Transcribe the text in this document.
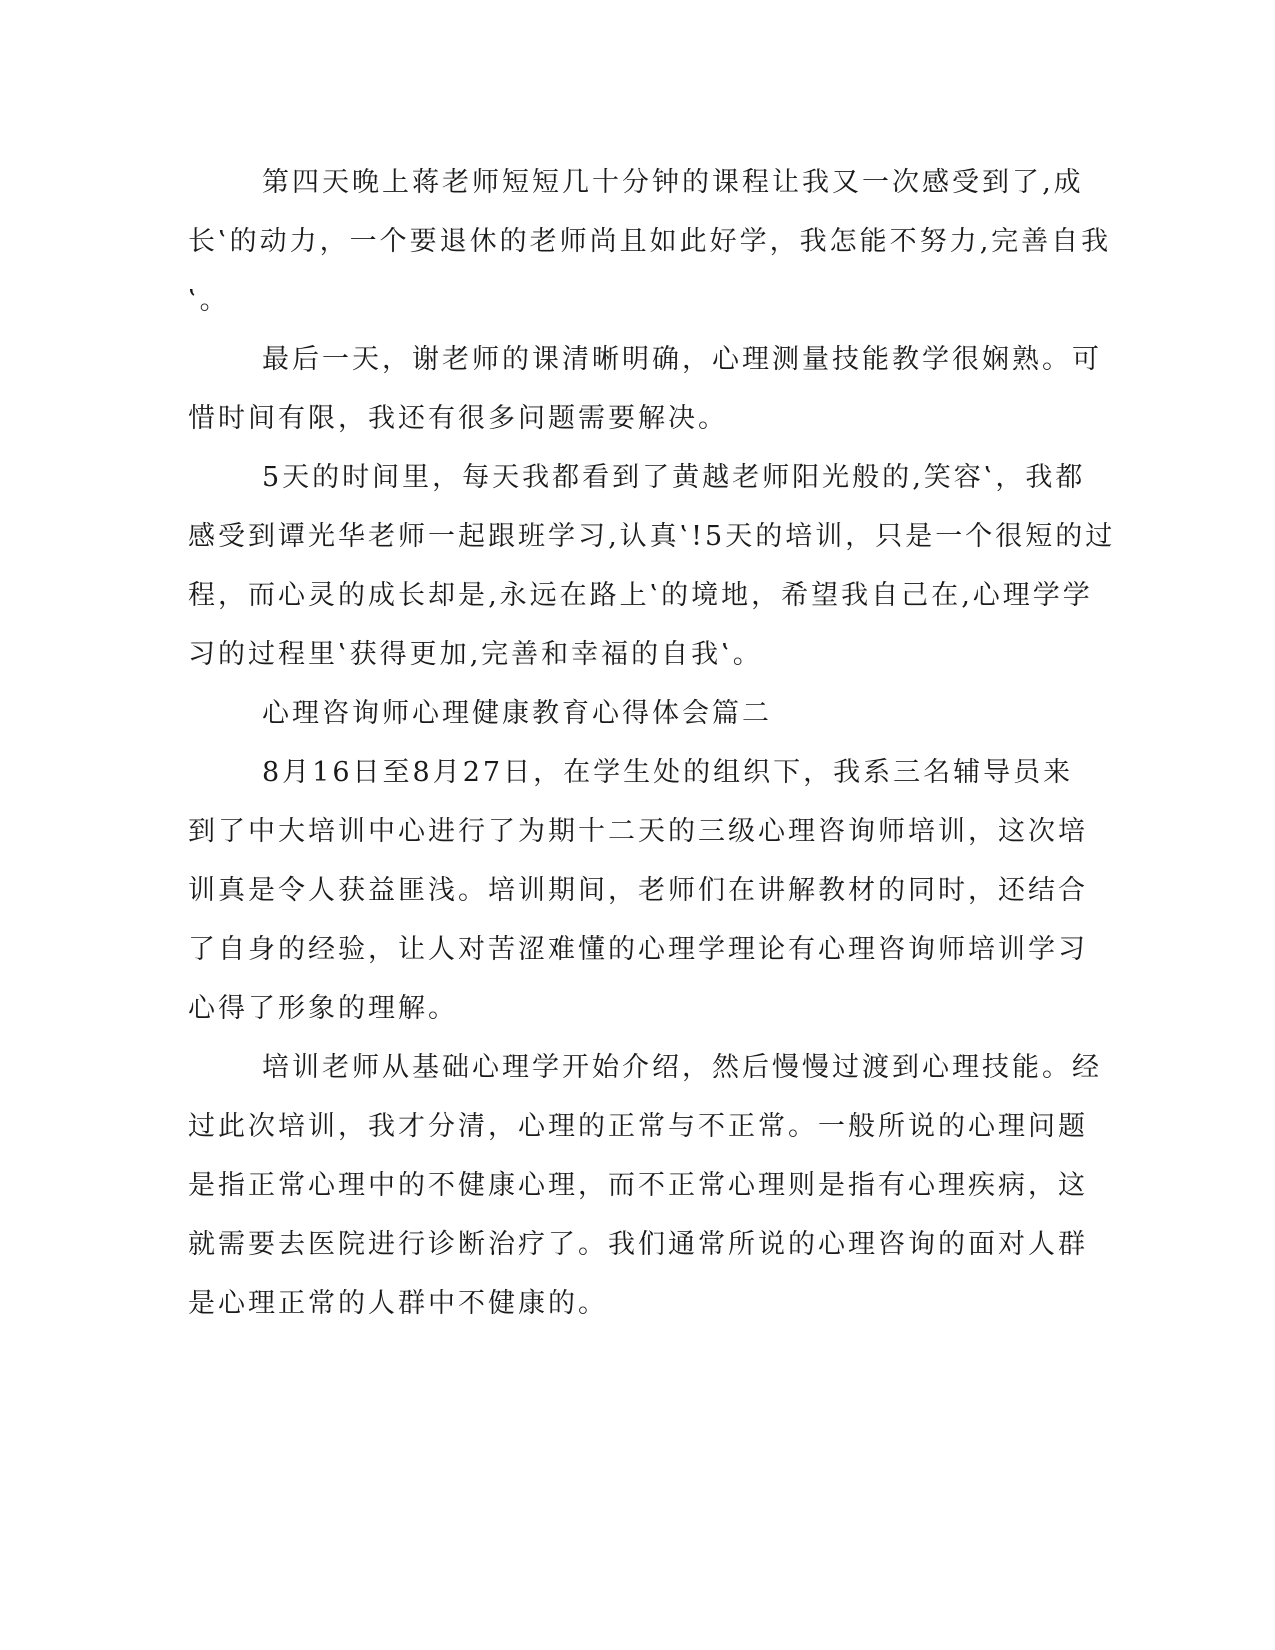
第四天晚上蒋老师短短几十分钟的课程让我又一次感受到了‚成
长‛的动力，一个要退休的老师尚且如此好学，我怎能不努力‚完善自我
‛。
最后一天，谢老师的课清晰明确，心理测量技能教学很娴熟。可
惜时间有限，我还有很多问题需要解决。
5天的时间里，每天我都看到了黄越老师阳光般的‚笑容‛，我都
感受到谭光华老师一起跟班学习‚认真‛!5天的培训，只是一个很短的过
程，而心灵的成长却是‚永远在路上‛的境地，希望我自己在‚心理学学
习的过程里‛获得更加‚完善和幸福的自我‛。
心理咨询师心理健康教育心得体会篇二
8月16日至8月27日，在学生处的组织下，我系三名辅导员来
到了中大培训中心进行了为期十二天的三级心理咨询师培训，这次培
训真是令人获益匪浅。培训期间，老师们在讲解教材的同时，还结合
了自身的经验，让人对苦涩难懂的心理学理论有心理咨询师培训学习
心得了形象的理解。
培训老师从基础心理学开始介绍，然后慢慢过渡到心理技能。经
过此次培训，我才分清，心理的正常与不正常。一般所说的心理问题
是指正常心理中的不健康心理，而不正常心理则是指有心理疾病，这
就需要去医院进行诊断治疗了。我们通常所说的心理咨询的面对人群
是心理正常的人群中不健康的。
